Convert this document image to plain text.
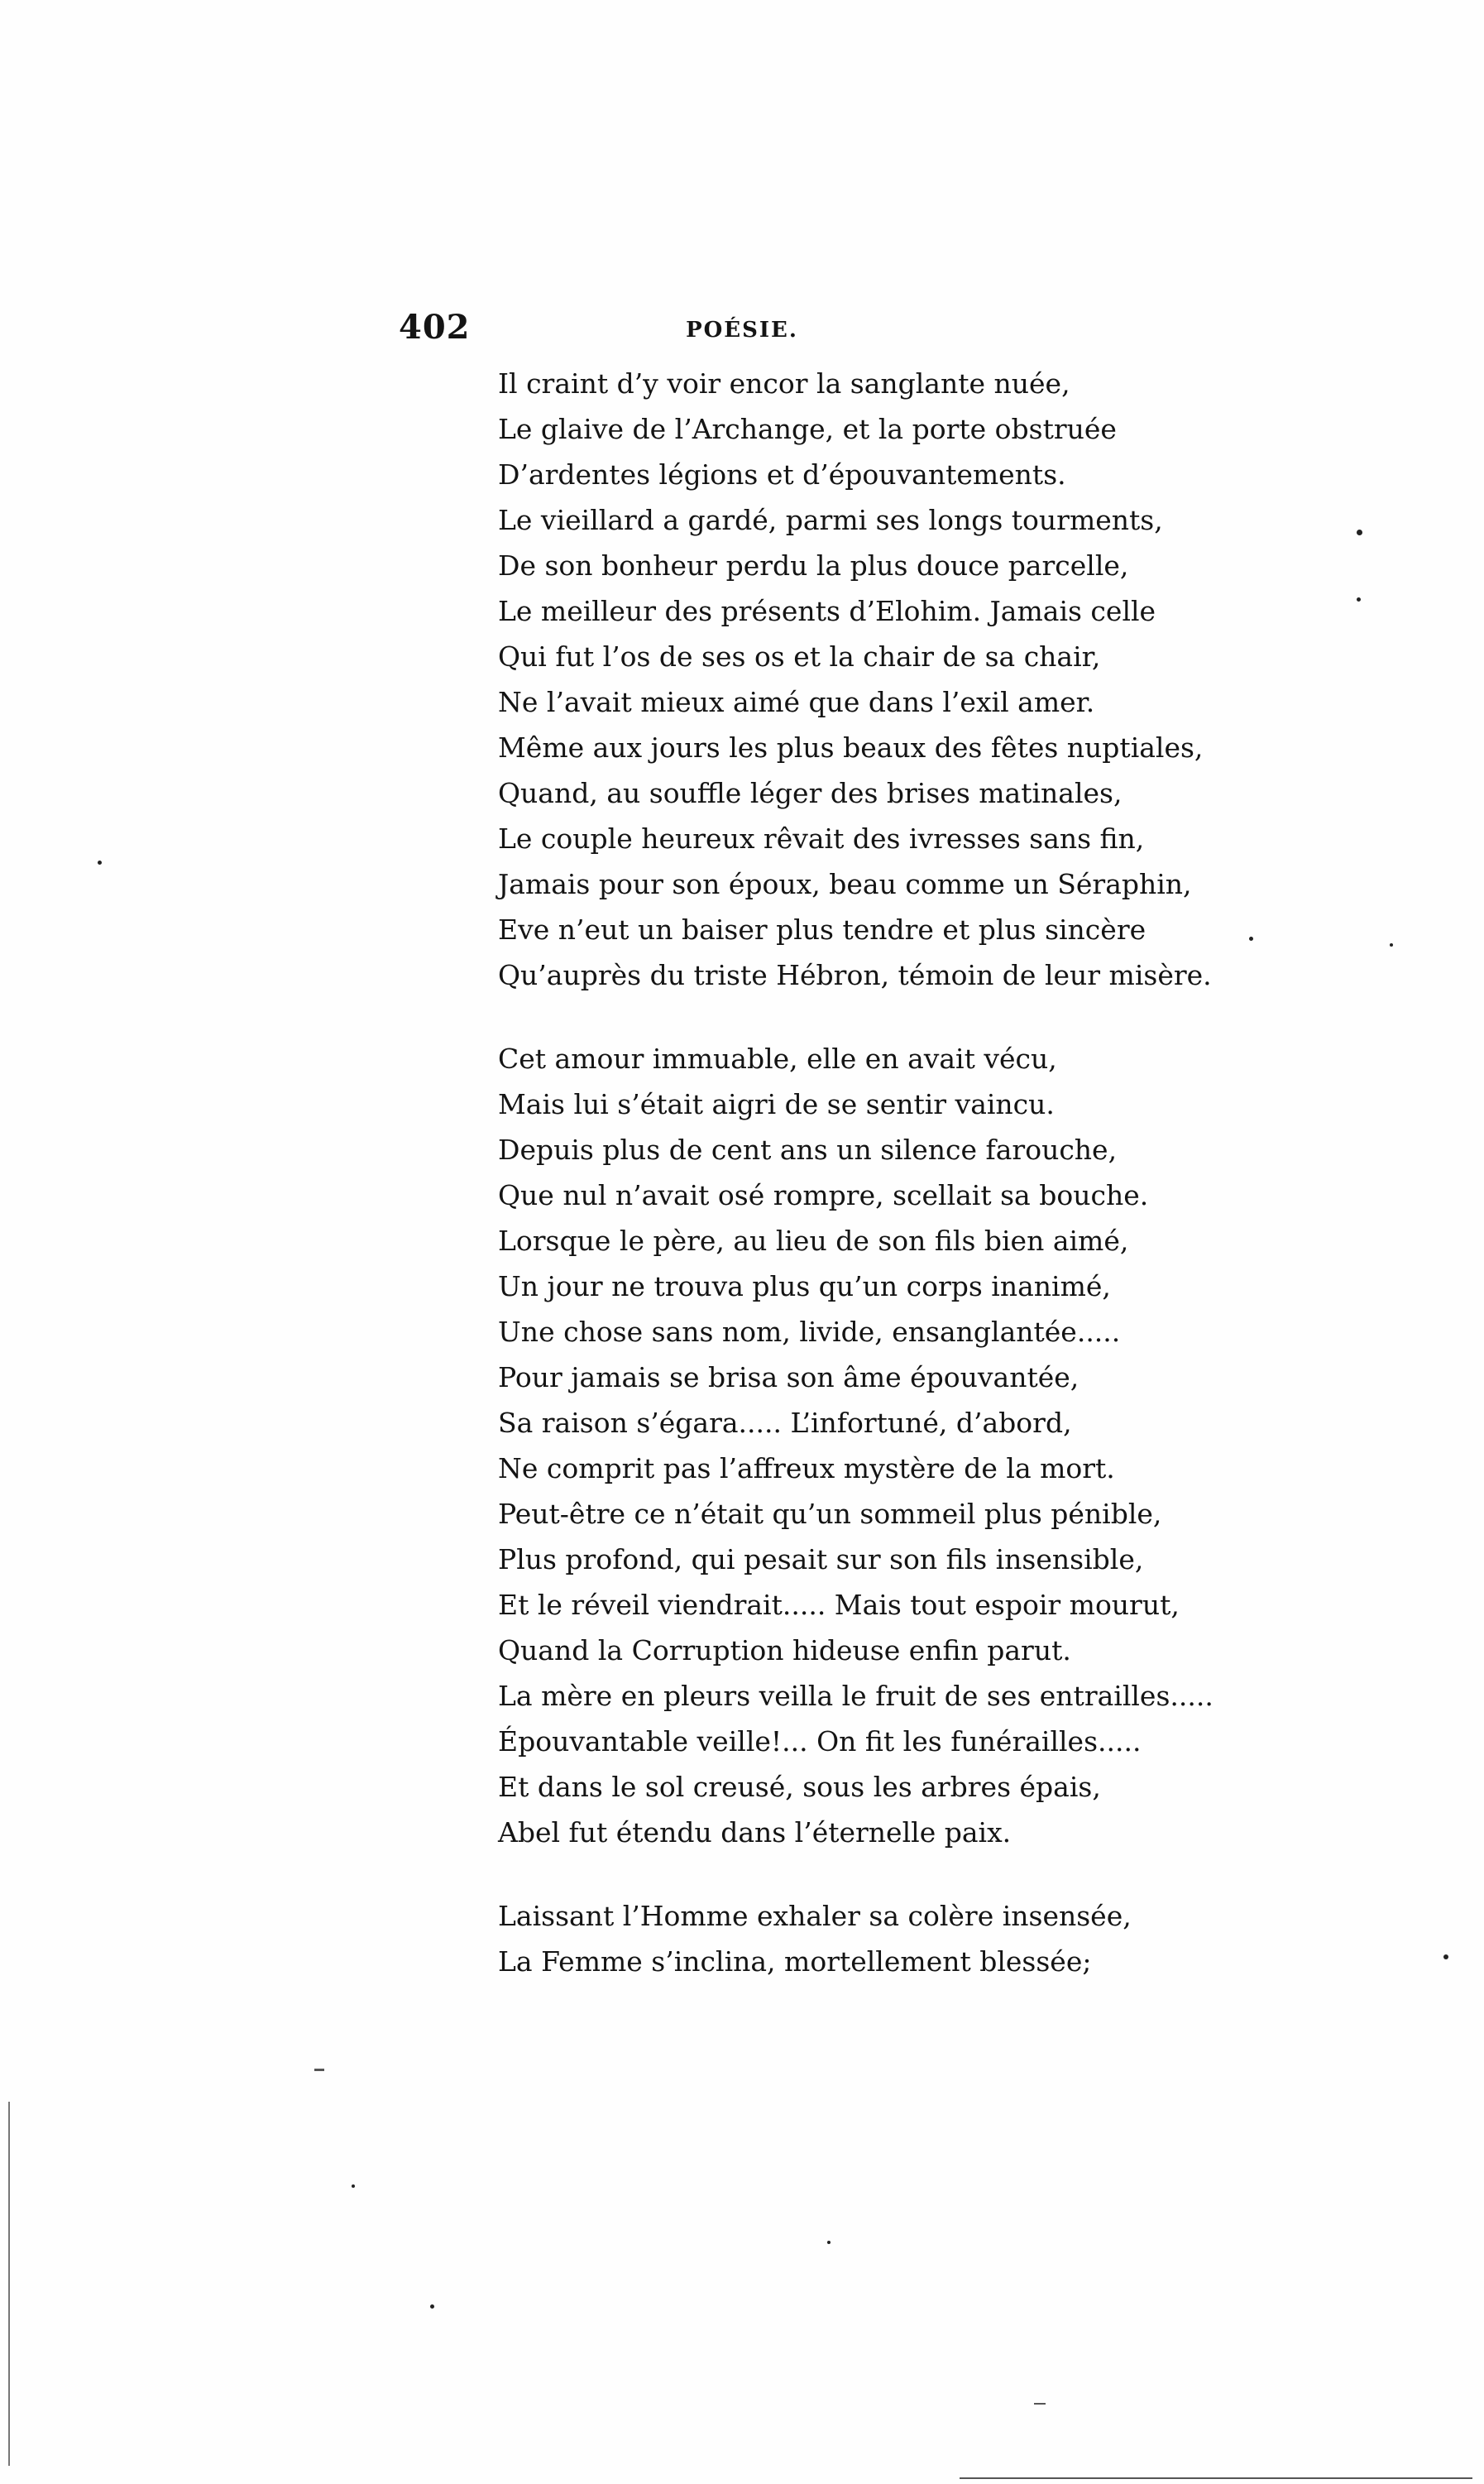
402	POÉSIE.
Il craint d’y voir encor la sanglante nuée,
Le glaive de l’Archange, et la porte obstruée
D’ardentes légions et d’épouvantements.
Le vieillard a gardé, parmi ses longs tourments,
De son bonheur perdu la plus douce parcelle,
Le meilleur des présents d’Elohim. Jamais celle
Qui fut l’os de ses os et la chair de sa chair,
Ne l’avait mieux aimé que dans l’exil amer.
Même aux jours les plus beaux des fêtes nuptiales,
Quand, au souffle léger des brises matinales,
Le couple heureux rêvait des ivresses sans fin,
Jamais pour son époux, beau comme un Séraphin,
Eve n’eut un baiser plus tendre et plus sincère
Qu’auprès du triste Hébron, témoin de leur misère.
Cet amour immuable, elle en avait vécu,
Mais lui s’était aigri de se sentir vaincu.
Depuis plus de cent ans un silence farouche,
Que nul n’avait osé rompre, scellait sa bouche.
Lorsque le père, au lieu de son fils bien aimé,
Un jour ne trouva plus qu’un corps inanimé,
Une chose sans nom, livide, ensanglantée.....
Pour jamais se brisa son âme épouvantée,
Sa raison s’égara..... L’infortuné, d’abord,
Ne comprit pas l’affreux mystère de la mort.
Peut-être ce n’était qu’un sommeil plus pénible,
Plus profond, qui pesait sur son fils insensible,
Et le réveil viendrait..... Mais tout espoir mourut,
Quand la Corruption hideuse enfin parut.
La mère en pleurs veilla le fruit de ses entrailles.....
Épouvantable veille!... On fit les funérailles.....
Et dans le sol creusé, sous les arbres épais,
Abel fut étendu dans l’éternelle paix.
Laissant l’Homme exhaler sa colère insensée,
La Femme s’inclina, mortellement blessée;
